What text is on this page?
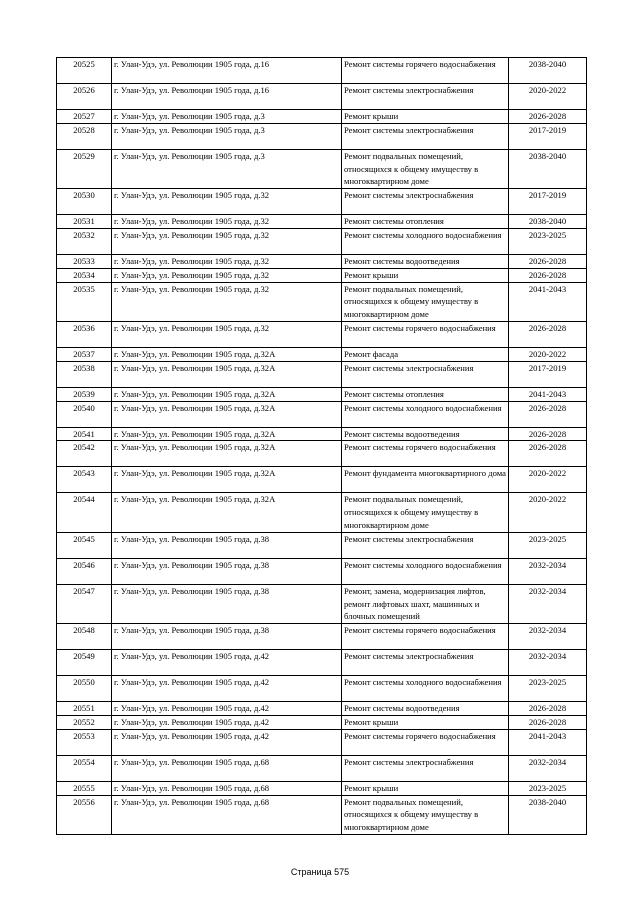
20525	г. Улан-Удэ, ул. Революции 1905 года, д.16	Ремонт системы горячего водоснабжения	2038-2040
20526	г. Улан-Удэ, ул. Революции 1905 года, д.16	Ремонт системы электроснабжения	2020-2022
20527	г. Улан-Удэ, ул. Революции 1905 года, д.3	Ремонт крыши	2026-2028
20528	г. Улан-Удэ, ул. Революции 1905 года, д.3	Ремонт системы электроснабжения	2017-2019
20529	г. Улан-Удэ, ул. Революции 1905 года, д.3	Ремонт подвальных помещений, относящихся к общему имуществу в многоквартирном доме	2038-2040
20530	г. Улан-Удэ, ул. Революции 1905 года, д.32	Ремонт системы электроснабжения	2017-2019
20531	г. Улан-Удэ, ул. Революции 1905 года, д.32	Ремонт системы отопления	2038-2040
20532	г. Улан-Удэ, ул. Революции 1905 года, д.32	Ремонт системы холодного водоснабжения	2023-2025
20533	г. Улан-Удэ, ул. Революции 1905 года, д.32	Ремонт системы водоотведения	2026-2028
20534	г. Улан-Удэ, ул. Революции 1905 года, д.32	Ремонт крыши	2026-2028
20535	г. Улан-Удэ, ул. Революции 1905 года, д.32	Ремонт подвальных помещений, относящихся к общему имуществу в многоквартирном доме	2041-2043
20536	г. Улан-Удэ, ул. Революции 1905 года, д.32	Ремонт системы горячего водоснабжения	2026-2028
20537	г. Улан-Удэ, ул. Революции 1905 года, д.32А	Ремонт фасада	2020-2022
20538	г. Улан-Удэ, ул. Революции 1905 года, д.32А	Ремонт системы электроснабжения	2017-2019
20539	г. Улан-Удэ, ул. Революции 1905 года, д.32А	Ремонт системы отопления	2041-2043
20540	г. Улан-Удэ, ул. Революции 1905 года, д.32А	Ремонт системы холодного водоснабжения	2026-2028
20541	г. Улан-Удэ, ул. Революции 1905 года, д.32А	Ремонт системы водоотведения	2026-2028
20542	г. Улан-Удэ, ул. Революции 1905 года, д.32А	Ремонт системы горячего водоснабжения	2026-2028
20543	г. Улан-Удэ, ул. Революции 1905 года, д.32А	Ремонт фундамента многоквартирного дома	2020-2022
20544	г. Улан-Удэ, ул. Революции 1905 года, д.32А	Ремонт подвальных помещений, относящихся к общему имуществу в многоквартирном доме	2020-2022
20545	г. Улан-Удэ, ул. Революции 1905 года, д.38	Ремонт системы электроснабжения	2023-2025
20546	г. Улан-Удэ, ул. Революции 1905 года, д.38	Ремонт системы холодного водоснабжения	2032-2034
20547	г. Улан-Удэ, ул. Революции 1905 года, д.38	Ремонт, замена, модернизация лифтов, ремонт лифтовых шахт, машинных и блочных помещений	2032-2034
20548	г. Улан-Удэ, ул. Революции 1905 года, д.38	Ремонт системы горячего водоснабжения	2032-2034
20549	г. Улан-Удэ, ул. Революции 1905 года, д.42	Ремонт системы электроснабжения	2032-2034
20550	г. Улан-Удэ, ул. Революции 1905 года, д.42	Ремонт системы холодного водоснабжения	2023-2025
20551	г. Улан-Удэ, ул. Революции 1905 года, д.42	Ремонт системы водоотведения	2026-2028
20552	г. Улан-Удэ, ул. Революции 1905 года, д.42	Ремонт крыши	2026-2028
20553	г. Улан-Удэ, ул. Революции 1905 года, д.42	Ремонт системы горячего водоснабжения	2041-2043
20554	г. Улан-Удэ, ул. Революции 1905 года, д.68	Ремонт системы электроснабжения	2032-2034
20555	г. Улан-Удэ, ул. Революции 1905 года, д.68	Ремонт крыши	2023-2025
20556	г. Улан-Удэ, ул. Революции 1905 года, д.68	Ремонт подвальных помещений, относящихся к общему имуществу в многоквартирном доме	2038-2040
Страница 575
